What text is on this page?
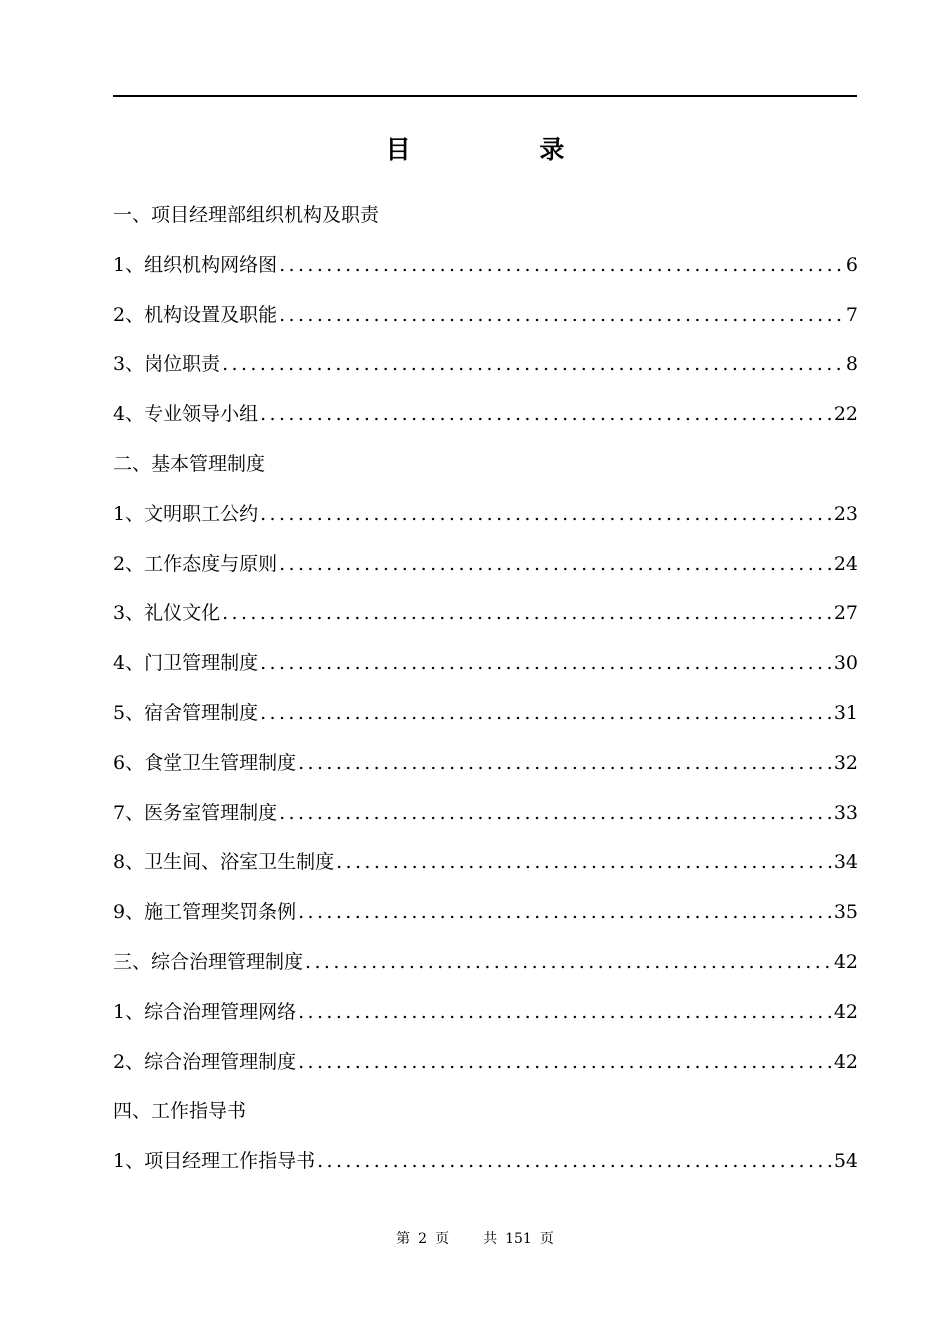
目 录
一、项目经理部组织机构及职责
1、组织机构网络图 .....	6
2、机构设置及职能 .....	7
3、岗位职责 .....	8
4、专业领导小组 .....	22
二、基本管理制度
1、文明职工公约 .....	23
2、工作态度与原则 .....	24
3、礼仪文化 .....	27
4、门卫管理制度 .....	30
5、宿舍管理制度 .....	31
6、食堂卫生管理制度 .....	32
7、医务室管理制度 .....	33
8、卫生间、浴室卫生制度 .....	34
9、施工管理奖罚条例 .....	35
三、综合治理管理制度 .....	42
1、综合治理管理网络 .....	42
2、综合治理管理制度 .....	42
四、工作指导书
1、项目经理工作指导书 .....	54
第 2 页 共 151 页
